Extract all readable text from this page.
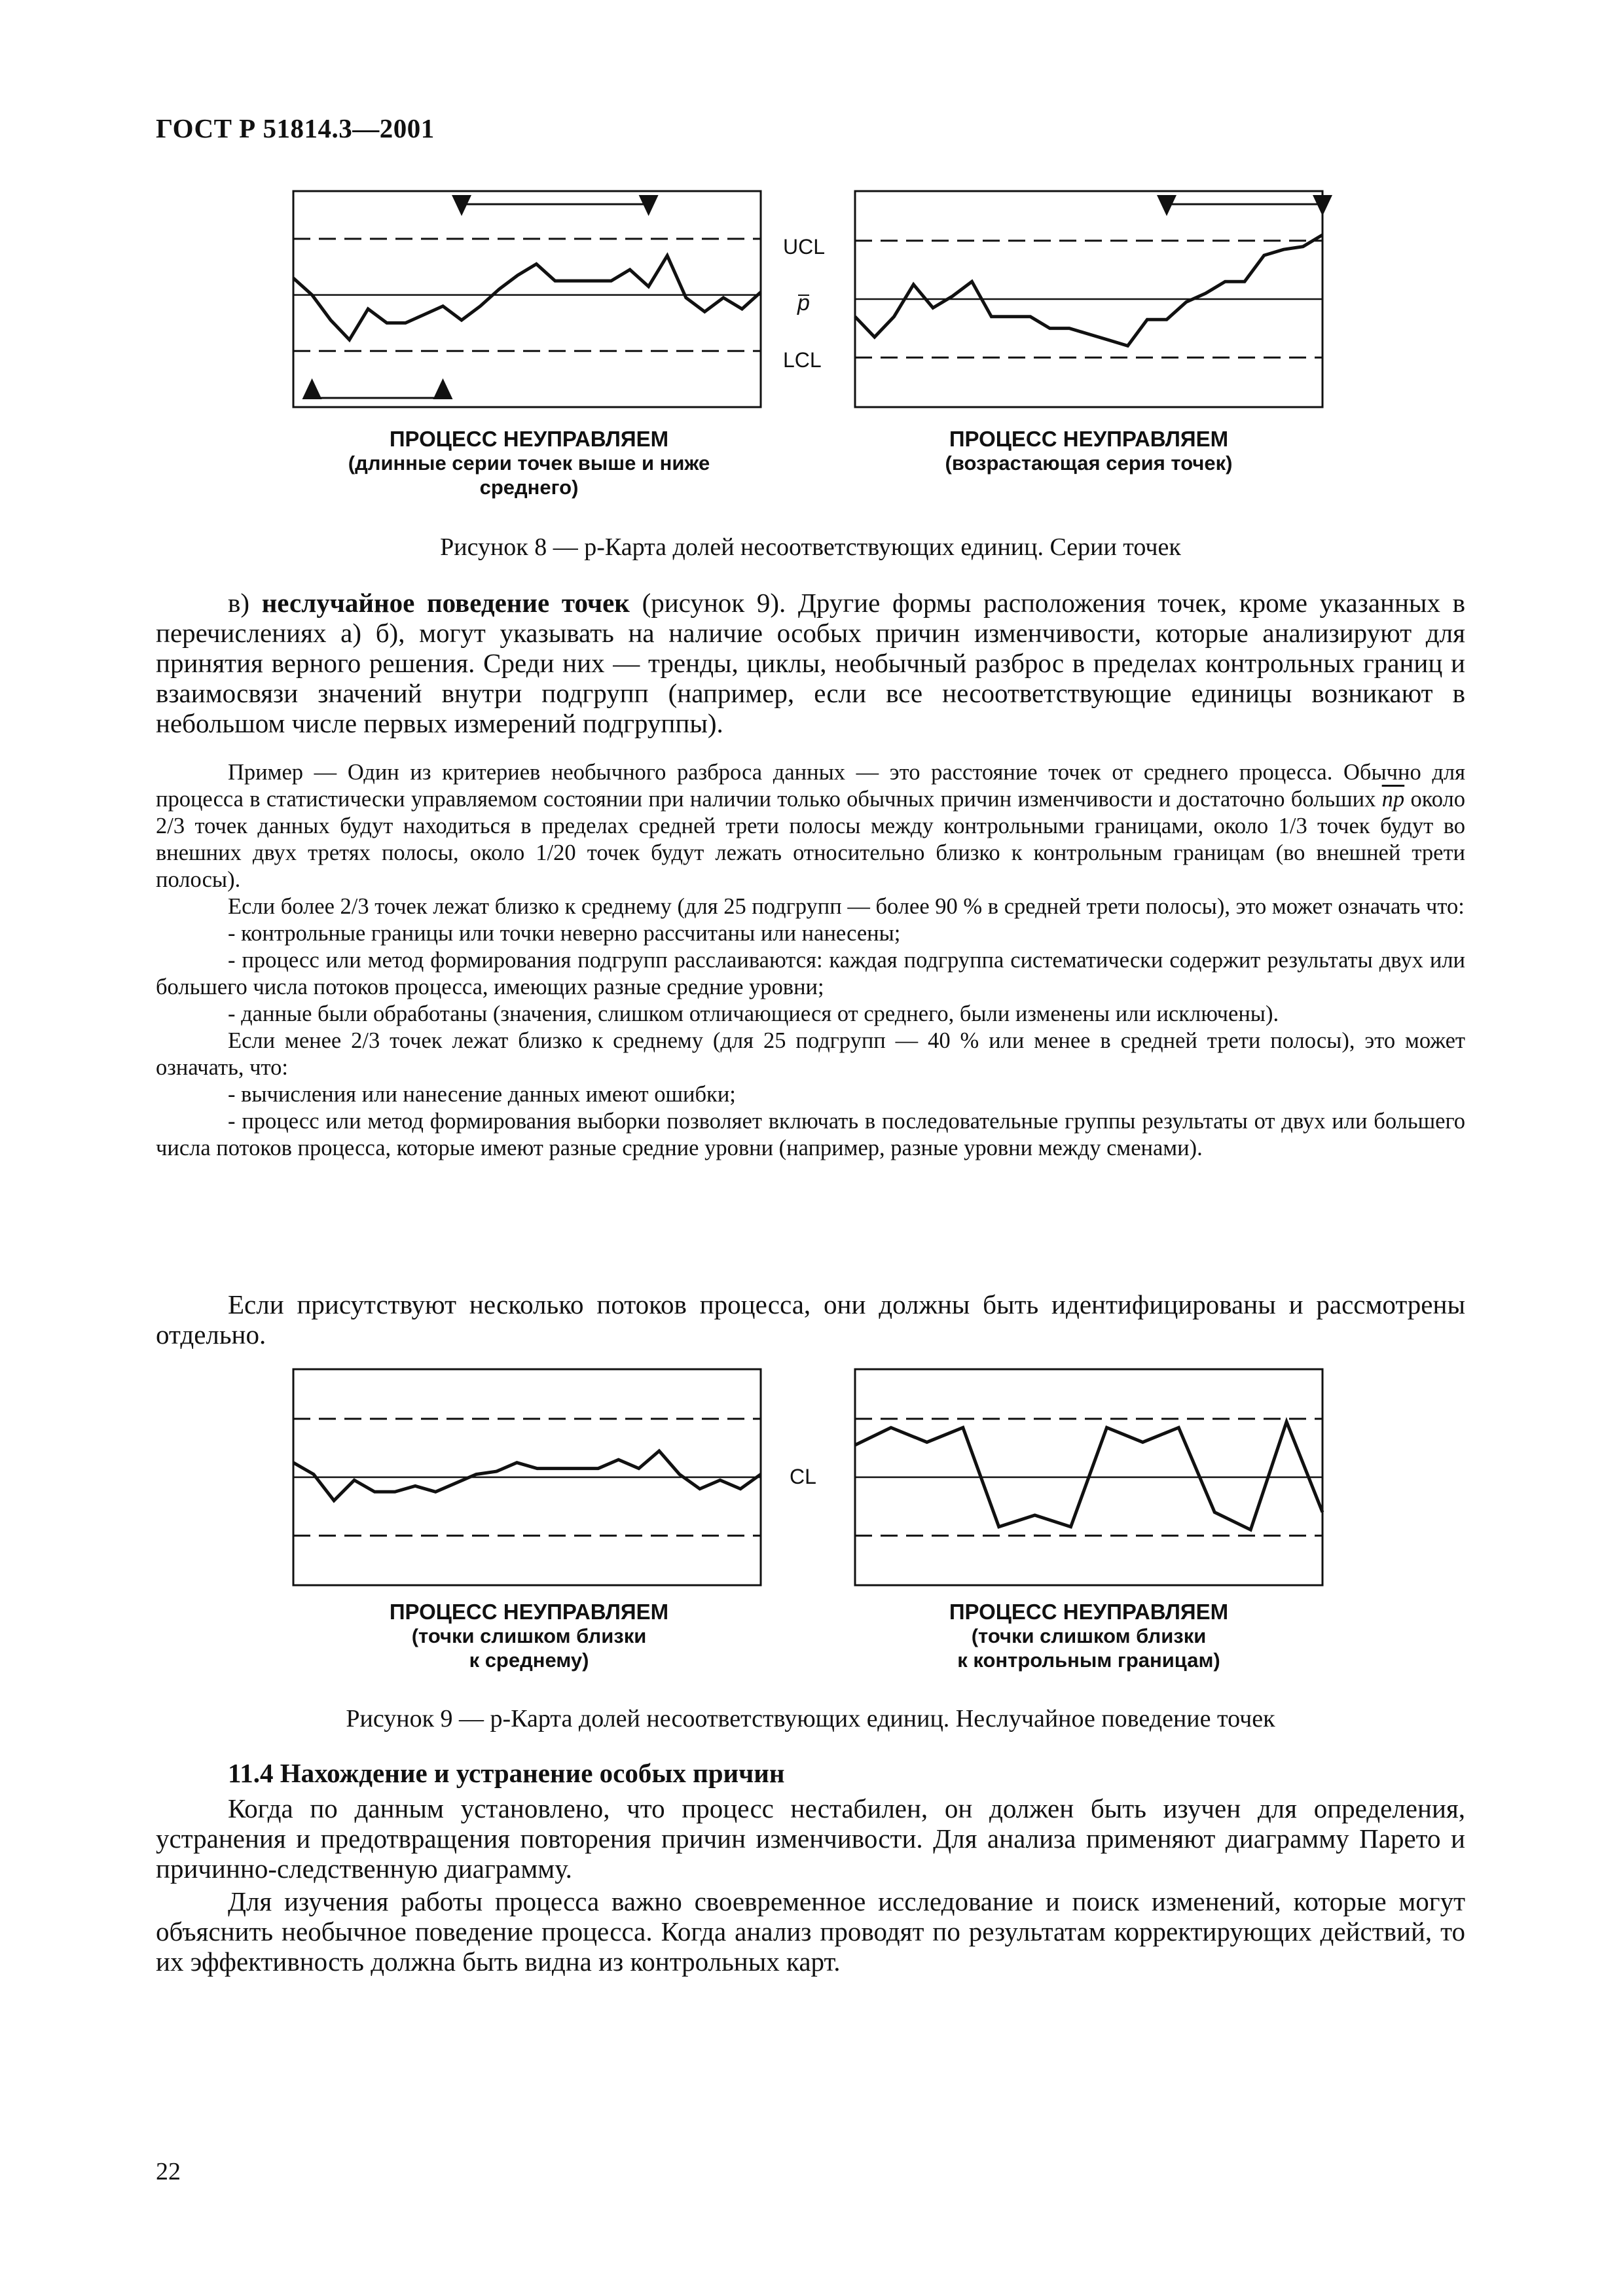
ГОСТ Р 51814.3—2001
UCL
p
LCL
ПРОЦЕСС НЕУПРАВЛЯЕМ
(длинные серии точек выше и ниже
среднего)
ПРОЦЕСС НЕУПРАВЛЯЕМ
(возрастающая серия точек)
Рисунок 8 — p-Карта долей несоответствующих единиц. Серии точек
в) неслучайное поведение точек (рисунок 9). Другие формы расположения точек, кроме указанных в перечислениях а) б), могут указывать на наличие особых причин изменчивости, которые анализируют для принятия верного решения. Среди них — тренды, циклы, необычный разброс в пределах контрольных границ и взаимосвязи значений внутри подгрупп (например, если все несоответствующие единицы возникают в небольшом числе первых измерений подгруппы).
Пример — Один из критериев необычного разброса данных — это расстояние точек от среднего процесса. Обычно для процесса в статистически управляемом состоянии при наличии только обычных причин изменчивости и достаточно больших $\overline{np}$ около 2/3 точек данных будут находиться в пределах средней трети полосы между контрольными границами, около 1/3 точек будут во внешних двух третях полосы, около 1/20 точек будут лежать относительно близко к контрольным границам (во внешней трети полосы).
Если более 2/3 точек лежат близко к среднему (для 25 подгрупп — более 90 % в средней трети полосы), это может означать что:
- контрольные границы или точки неверно рассчитаны или нанесены;
- процесс или метод формирования подгрупп расслаиваются: каждая подгруппа систематически содержит результаты двух или большего числа потоков процесса, имеющих разные средние уровни;
- данные были обработаны (значения, слишком отличающиеся от среднего, были изменены или исключены).
Если менее 2/3 точек лежат близко к среднему (для 25 подгрупп — 40 % или менее в средней трети полосы), это может означать, что:
- вычисления или нанесение данных имеют ошибки;
- процесс или метод формирования выборки позволяет включать в последовательные группы результаты от двух или большего числа потоков процесса, которые имеют разные средние уровни (например, разные уровни между сменами).
Если присутствуют несколько потоков процесса, они должны быть идентифицированы и рассмотрены отдельно.
CL
ПРОЦЕСС НЕУПРАВЛЯЕМ
(точки слишком близки
к среднему)
ПРОЦЕСС НЕУПРАВЛЯЕМ
(точки слишком близки
к контрольным границам)
Рисунок 9 — p-Карта долей несоответствующих единиц. Неслучайное поведение точек
11.4 Нахождение и устранение особых причин
Когда по данным установлено, что процесс нестабилен, он должен быть изучен для определения, устранения и предотвращения повторения причин изменчивости. Для анализа применяют диаграмму Парето и причинно-следственную диаграмму.
Для изучения работы процесса важно своевременное исследование и поиск изменений, которые могут объяснить необычное поведение процесса. Когда анализ проводят по результатам корректирующих действий, то их эффективность должна быть видна из контрольных карт.
22
